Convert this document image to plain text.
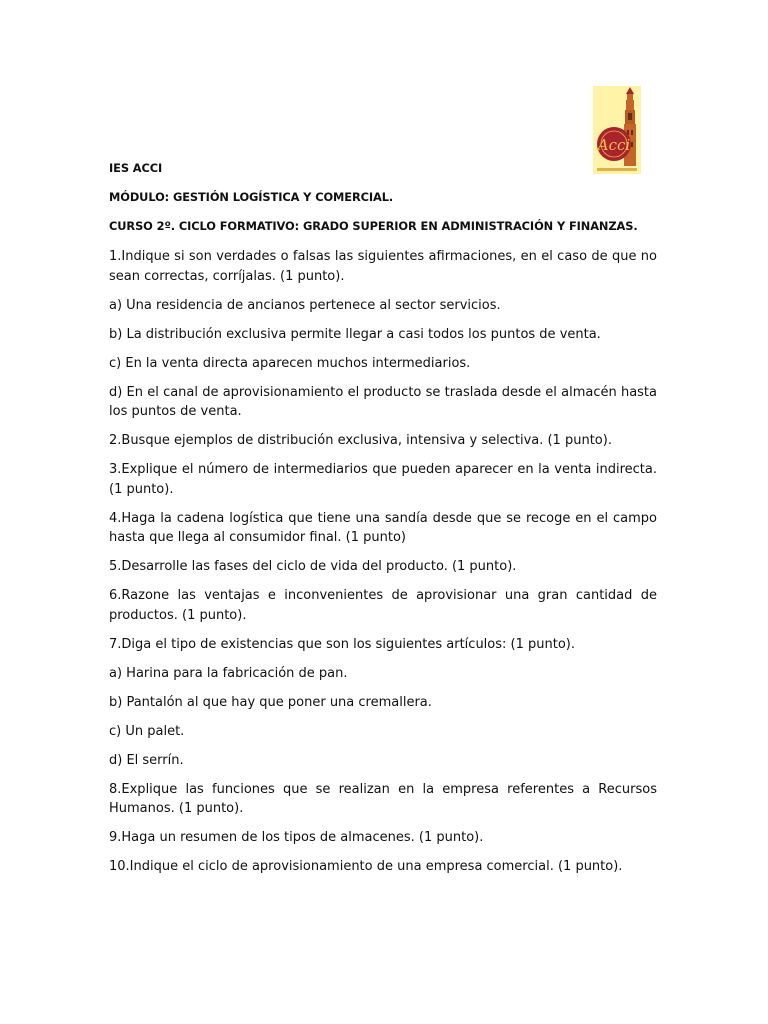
Acci
IES ACCI
MÓDULO: GESTIÓN LOGÍSTICA Y COMERCIAL.
CURSO 2º. CICLO FORMATIVO: GRADO SUPERIOR EN ADMINISTRACIÓN Y FINANZAS.
1.Indique si son verdades o falsas las siguientes afirmaciones, en el caso de que no sean correctas, corríjalas. (1 punto).
a) Una residencia de ancianos pertenece al sector servicios.
b) La distribución exclusiva permite llegar a casi todos los puntos de venta.
c) En la venta directa aparecen muchos intermediarios.
d) En el canal de aprovisionamiento el producto se traslada desde el almacén hasta los puntos de venta.
2.Busque ejemplos de distribución exclusiva, intensiva y selectiva. (1 punto).
3.Explique el número de intermediarios que pueden aparecer en la venta indirecta. (1 punto).
4.Haga la cadena logística que tiene una sandía desde que se recoge en el campo hasta que llega al consumidor final. (1 punto)
5.Desarrolle las fases del ciclo de vida del producto. (1 punto).
6.Razone las ventajas e inconvenientes de aprovisionar una gran cantidad de productos. (1 punto).
7.Diga el tipo de existencias que son los siguientes artículos: (1 punto).
a) Harina para la fabricación de pan.
b) Pantalón al que hay que poner una cremallera.
c) Un palet.
d) El serrín.
8.Explique las funciones que se realizan en la empresa referentes a Recursos Humanos. (1 punto).
9.Haga un resumen de los tipos de almacenes. (1 punto).
10.Indique el ciclo de aprovisionamiento de una empresa comercial. (1 punto).
